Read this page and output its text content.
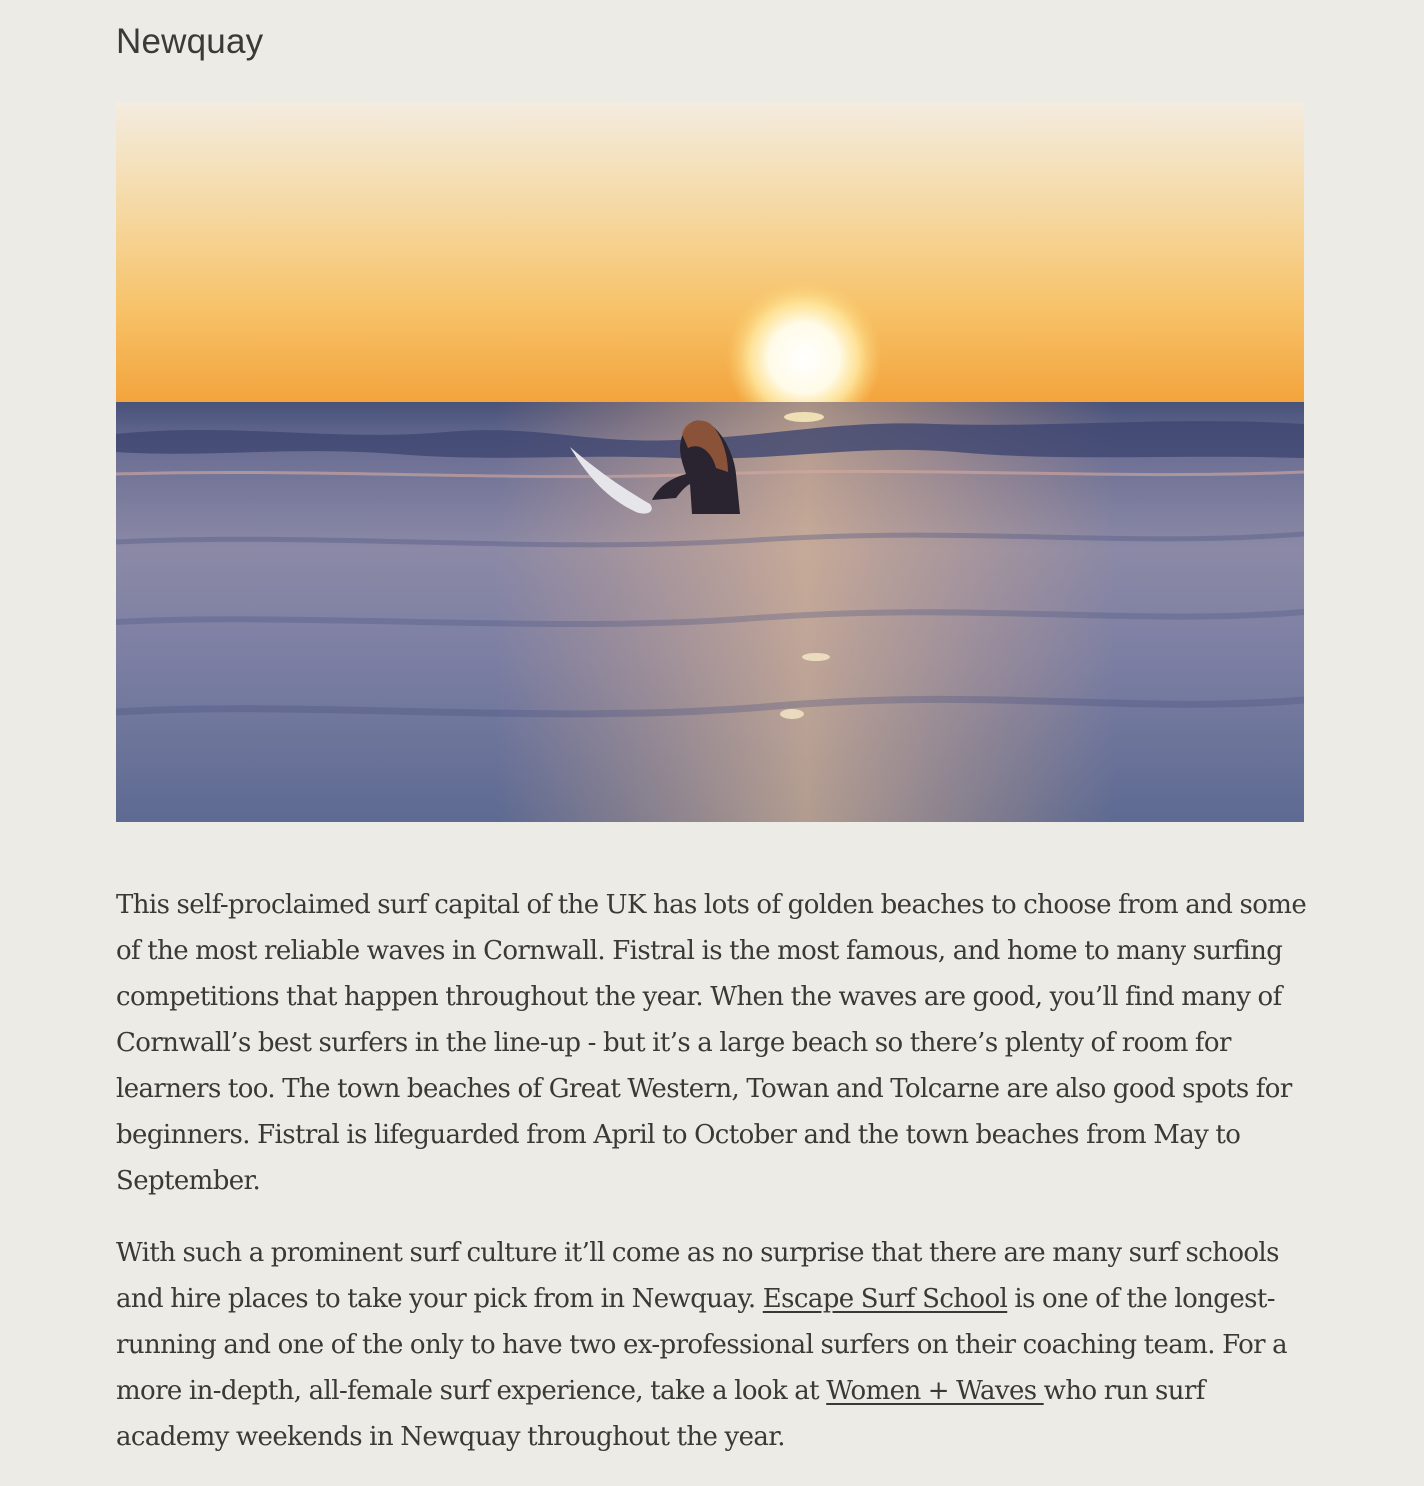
Newquay

This self-proclaimed surf capital of the UK has lots of golden beaches to choose from and some of the most reliable waves in Cornwall. Fistral is the most famous, and home to many surfing competitions that happen throughout the year. When the waves are good, you’ll find many of Cornwall’s best surfers in the line-up - but it’s a large beach so there’s plenty of room for learners too. The town beaches of Great Western, Towan and Tolcarne are also good spots for beginners. Fistral is lifeguarded from April to October and the town beaches from May to September.

With such a prominent surf culture it’ll come as no surprise that there are many surf schools and hire places to take your pick from in Newquay. Escape Surf School is one of the longest-running and one of the only to have two ex-professional surfers on their coaching team. For a more in-depth, all-female surf experience, take a look at Women + Waves who run surf academy weekends in Newquay throughout the year.
